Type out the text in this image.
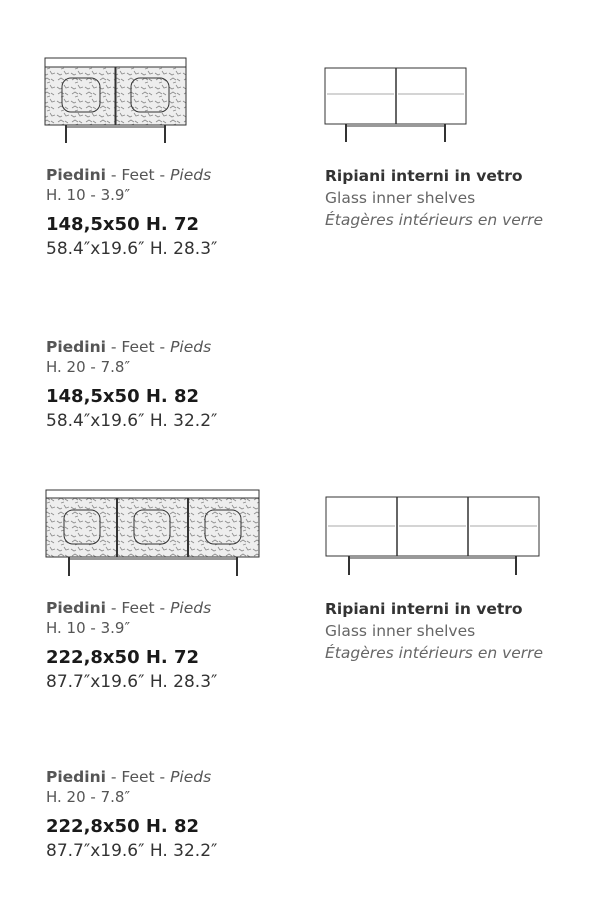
Piedini - Feet - Pieds
H. 10 - 3.9″
148,5x50 H. 72
58.4″x19.6″ H. 28.3″
Ripiani interni in vetro
Glass inner shelves
Étagères intérieurs en verre
Piedini - Feet - Pieds
H. 20 - 7.8″
148,5x50 H. 82
58.4″x19.6″ H. 32.2″
Piedini - Feet - Pieds
H. 10 - 3.9″
222,8x50 H. 72
87.7″x19.6″ H. 28.3″
Ripiani interni in vetro
Glass inner shelves
Étagères intérieurs en verre
Piedini - Feet - Pieds
H. 20 - 7.8″
222,8x50 H. 82
87.7″x19.6″ H. 32.2″
